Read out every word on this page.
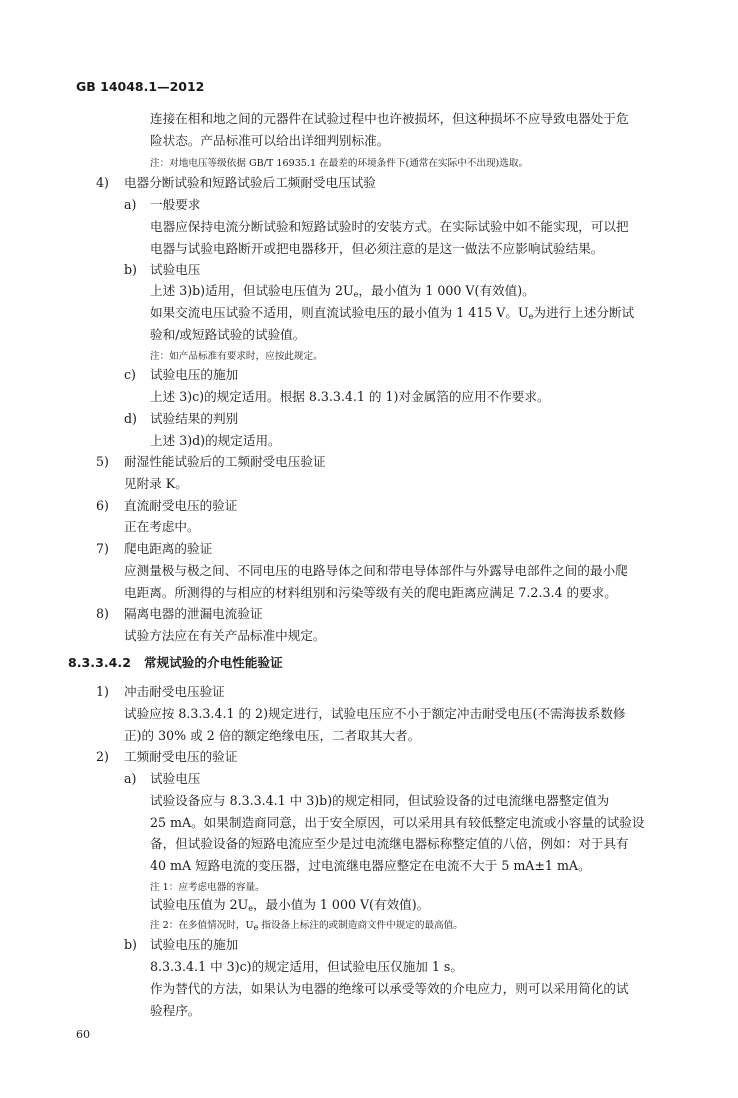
GB 14048.1—2012
连接在相和地之间的元器件在试验过程中也许被损坏，但这种损坏不应导致电器处于危
险状态。产品标准可以给出详细判别标准。
注：对地电压等级依据 GB/T 16935.1 在最差的环境条件下(通常在实际中不出现)选取。
4) 电器分断试验和短路试验后工频耐受电压试验
a) 一般要求
电器应保持电流分断试验和短路试验时的安装方式。在实际试验中如不能实现，可以把
电器与试验电路断开或把电器移开，但必须注意的是这一做法不应影响试验结果。
b) 试验电压
上述 3)b)适用，但试验电压值为 $2U_e$，最小值为 1 000 V(有效值)。
如果交流电压试验不适用，则直流试验电压的最小值为 1 415 V。$U_e$为进行上述分断试
验和/或短路试验的试验值。
注：如产品标准有要求时，应按此规定。
c) 试验电压的施加
上述 3)c)的规定适用。根据 8.3.3.4.1 的 1)对金属箔的应用不作要求。
d) 试验结果的判别
上述 3)d)的规定适用。
5) 耐湿性能试验后的工频耐受电压验证
见附录 K。
6) 直流耐受电压的验证
正在考虑中。
7) 爬电距离的验证
应测量极与极之间、不同电压的电路导体之间和带电导体部件与外露导电部件之间的最小爬
电距离。所测得的与相应的材料组别和污染等级有关的爬电距离应满足 7.2.3.4 的要求。
8) 隔离电器的泄漏电流验证
试验方法应在有关产品标准中规定。
8.3.3.4.2 常规试验的介电性能验证
1) 冲击耐受电压验证
试验应按 8.3.3.4.1 的 2)规定进行，试验电压应不小于额定冲击耐受电压(不需海拔系数修
正)的 30% 或 2 倍的额定绝缘电压，二者取其大者。
2) 工频耐受电压的验证
a) 试验电压
试验设备应与 8.3.3.4.1 中 3)b)的规定相同，但试验设备的过电流继电器整定值为
25 mA。如果制造商同意，出于安全原因，可以采用具有较低整定电流或小容量的试验设
备，但试验设备的短路电流应至少是过电流继电器标称整定值的八倍，例如：对于具有
40 mA 短路电流的变压器，过电流继电器应整定在电流不大于 5 mA±1 mA。
注 1：应考虑电器的容量。
试验电压值为 $2U_e$，最小值为 1 000 V(有效值)。
注 2：在多值情况时，$U_e$ 指设备上标注的或制造商文件中规定的最高值。
b) 试验电压的施加
8.3.3.4.1 中 3)c)的规定适用，但试验电压仅施加 1 s。
作为替代的方法，如果认为电器的绝缘可以承受等效的介电应力，则可以采用简化的试
验程序。
60
